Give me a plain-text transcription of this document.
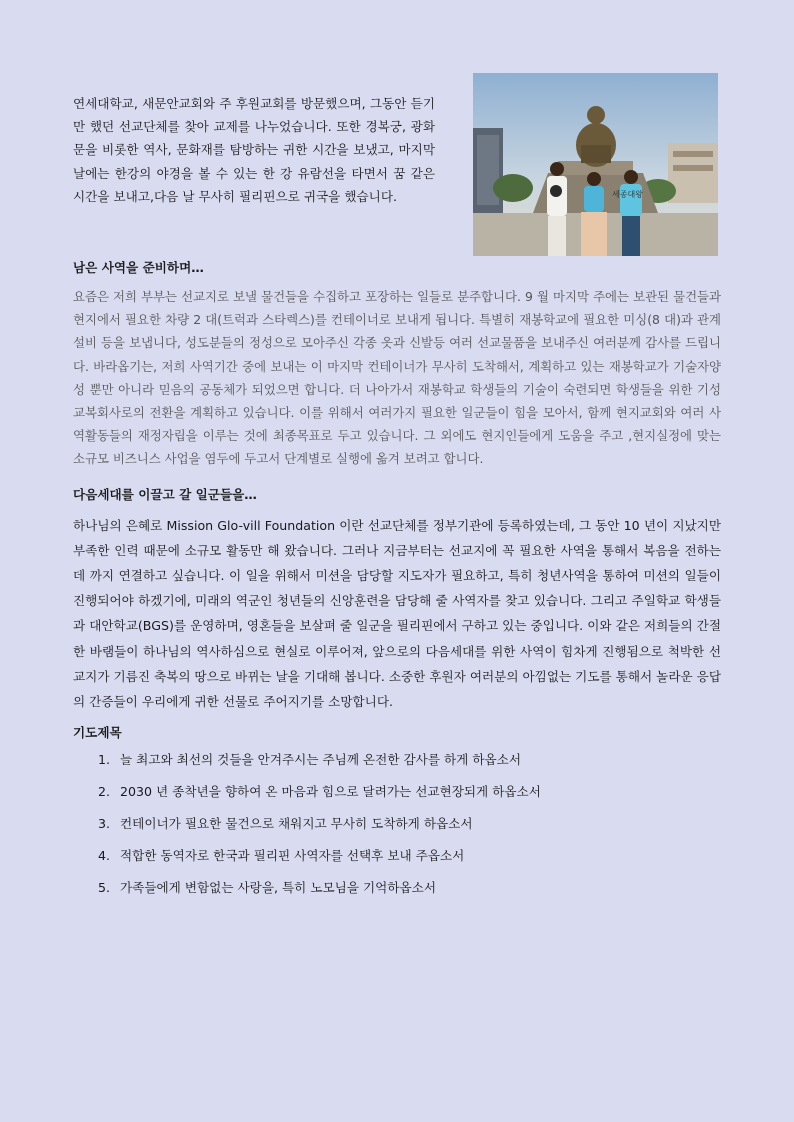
연세대학교, 새문안교회와 주 후원교회를 방문했으며, 그동안 듣기만 했던 선교단체를 찾아 교제를 나누었습니다. 또한 경복궁, 광화문을 비롯한 역사, 문화재를 탐방하는 귀한 시간을 보냈고, 마지막 날에는 한강의 야경을 볼 수 있는 한 강 유람선을 타면서 꿈 같은 시간을 보내고,다음 날 무사히 필리핀으로 귀국을 했습니다.	세종대왕
남은 사역을 준비하며…

요즘은 저희 부부는 선교지로 보낼 물건들을 수집하고 포장하는 일들로 분주합니다. 9 월 마지막 주에는 보관된 물건들과 현지에서 필요한 차량 2 대(트럭과 스타렉스)를 컨테이너로 보내게 됩니다. 특별히 재봉학교에 필요한 미싱(8 대)과 관계설비 등을 보냅니다, 성도분들의 정성으로 모아주신 각종 옷과 신발등 여러 선교물품을 보내주신 여러분께 감사를 드립니다. 바라옵기는, 저희 사역기간 중에 보내는 이 마지막 컨테이너가 무사히 도착해서, 계획하고 있는 재봉학교가 기술자양성 뿐만 아니라 믿음의 공동체가 되었으면 합니다. 더 나아가서 재봉학교 학생들의 기술이 숙련되면 학생들을 위한 기성 교복회사로의 전환을 계획하고 있습니다. 이를 위해서 여러가지 필요한 일군들이 힘을 모아서, 함께 현지교회와 여러 사역활동들의 재정자립을 이루는 것에 최종목표로 두고 있습니다. 그 외에도 현지인들에게 도움을 주고 ,현지실정에 맞는 소규모 비즈니스 사업을 염두에 두고서 단계별로 실행에 옮겨 보려고 합니다.

다음세대를 이끌고 갈 일군들을…

하나님의 은혜로 Mission Glo-vill Foundation 이란 선교단체를 정부기관에 등록하였는데, 그 동안 10 년이 지났지만 부족한 인력 때문에 소규모 활동만 해 왔습니다. 그러나 지금부터는 선교지에 꼭 필요한 사역을 통해서 복음을 전하는 데 까지 연결하고 싶습니다. 이 일을 위해서 미션을 담당할 지도자가 필요하고, 특히 청년사역을 통하여 미션의 일들이 진행되어야 하겠기에, 미래의 역군인 청년들의 신앙훈련을 담당해 줄 사역자를 찾고 있습니다. 그리고 주일학교 학생들과 대안학교(BGS)를 운영하며, 영혼들을 보살펴 줄 일군을 필리핀에서 구하고 있는 중입니다. 이와 같은 저희들의 간절한 바램들이 하나님의 역사하심으로 현실로 이루어져, 앞으로의 다음세대를 위한 사역이 힘차게 진행됨으로 척박한 선교지가 기름진 축복의 땅으로 바뀌는 날을 기대해 봅니다. 소중한 후원자 여러분의 아낌없는 기도를 통해서 놀라운 응답의 간증들이 우리에게 귀한 선물로 주어지기를 소망합니다.

기도제목
1. 늘 최고와 최선의 것들을 안겨주시는 주님께 온전한 감사를 하게 하옵소서
2. 2030 년 종착년을 향하여 온 마음과 힘으로 달려가는 선교현장되게 하옵소서
3. 컨테이너가 필요한 물건으로 채워지고 무사히 도착하게 하옵소서
4. 적합한 동역자로 한국과 필리핀 사역자를 선택후 보내 주옵소서
5. 가족들에게 변함없는 사랑을, 특히 노모님을 기억하옵소서
